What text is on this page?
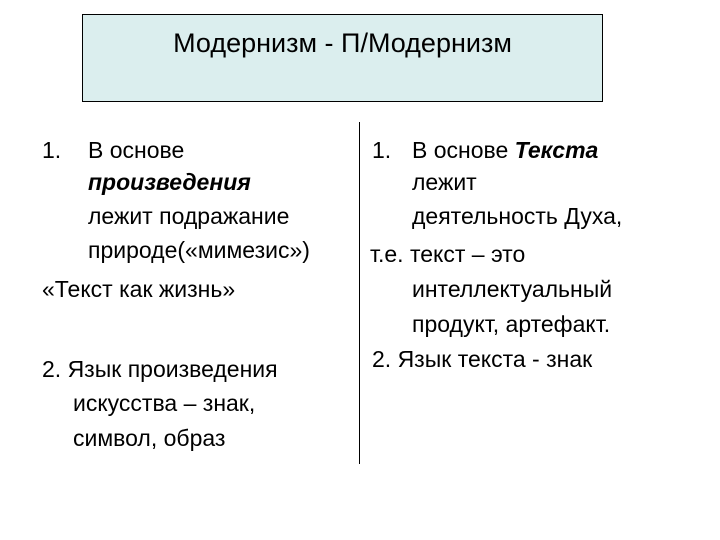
Модернизм - П/Модернизм
1. В основе
произведения
лежит подражание
природе(«мимезис»)
«Текст как жизнь»
2. Язык произведения
искусства – знак,
символ, образ
1. В основе Текста
лежит
деятельность Духа,
т.е. текст – это
интеллектуальный
продукт, артефакт.
2. Язык текста - знак
